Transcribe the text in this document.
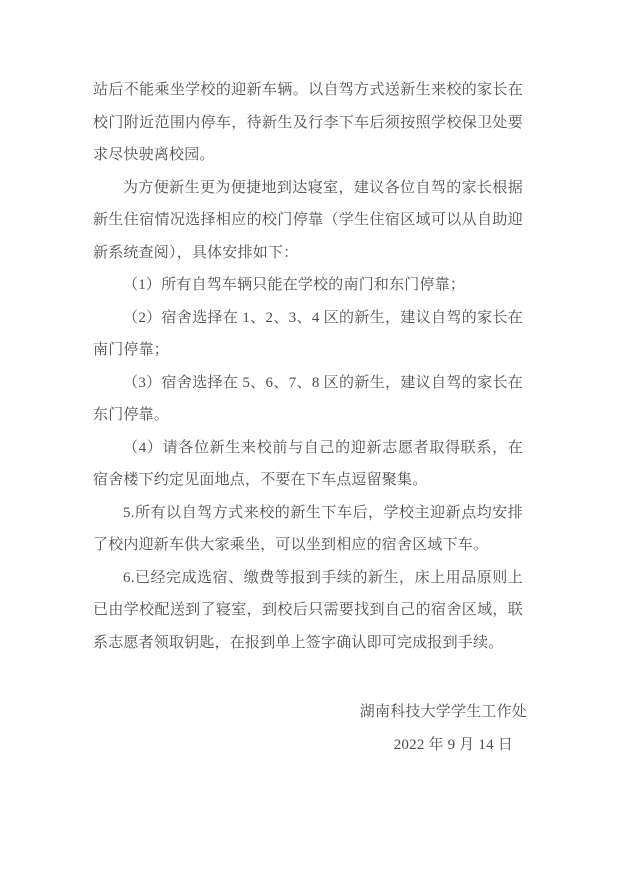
站后不能乘坐学校的迎新车辆。以自驾方式送新生来校的家长在校门附近范围内停车，待新生及行李下车后须按照学校保卫处要求尽快驶离校园。

为方便新生更为便捷地到达寝室，建议各位自驾的家长根据新生住宿情况选择相应的校门停靠（学生住宿区域可以从自助迎新系统查阅），具体安排如下：

（1）所有自驾车辆只能在学校的南门和东门停靠；

（2）宿舍选择在 1、2、3、4 区的新生，建议自驾的家长在南门停靠；

（3）宿舍选择在 5、6、7、8 区的新生，建议自驾的家长在东门停靠。

（4）请各位新生来校前与自己的迎新志愿者取得联系，在宿舍楼下约定见面地点，不要在下车点逗留聚集。

5.所有以自驾方式来校的新生下车后，学校主迎新点均安排了校内迎新车供大家乘坐，可以坐到相应的宿舍区域下车。

6.已经完成选宿、缴费等报到手续的新生，床上用品原则上已由学校配送到了寝室，到校后只需要找到自己的宿舍区域，联系志愿者领取钥匙，在报到单上签字确认即可完成报到手续。

湖南科技大学学生工作处

2022 年 9 月 14 日
